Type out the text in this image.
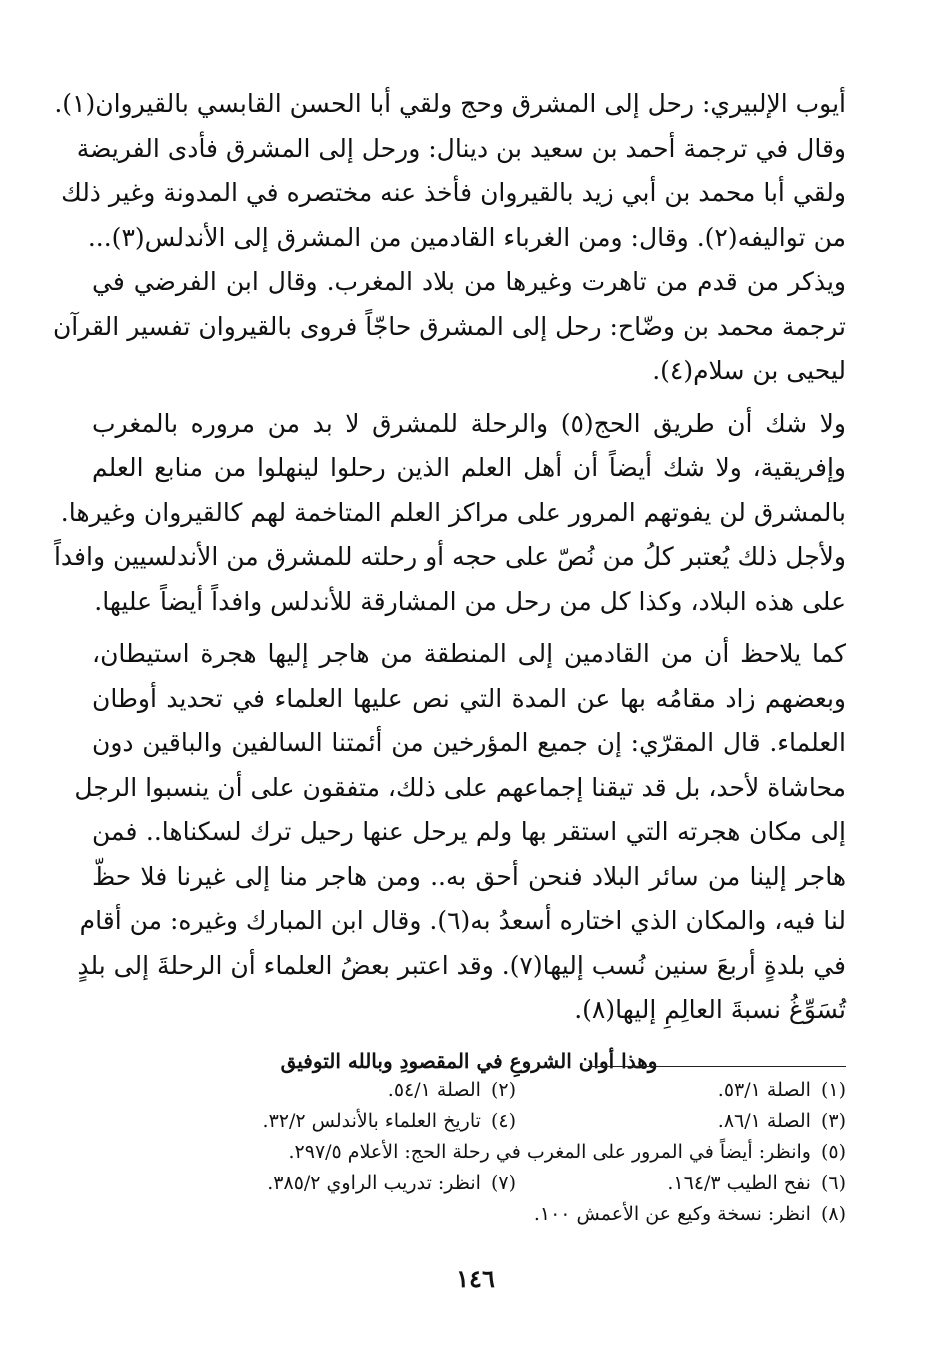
أيوب الإلبيري: رحل إلى المشرق وحج ولقي أبا الحسن القابسي بالقيروان(١).
وقال في ترجمة أحمد بن سعيد بن دينال: ورحل إلى المشرق فأدى الفريضة
ولقي أبا محمد بن أبي زيد بالقيروان فأخذ عنه مختصره في المدونة وغير ذلك
من تواليفه(٢). وقال: ومن الغرباء القادمين من المشرق إلى الأندلس(٣)...
ويذكر من قدم من تاهرت وغيرها من بلاد المغرب. وقال ابن الفرضي في
ترجمة محمد بن وضّاح: رحل إلى المشرق حاجّاً فروى بالقيروان تفسير القرآن
ليحيى بن سلام(٤).
ولا شك أن طريق الحج(٥) والرحلة للمشرق لا بد من مروره بالمغرب
وإفريقية، ولا شك أيضاً أن أهل العلم الذين رحلوا لينهلوا من منابع العلم
بالمشرق لن يفوتهم المرور على مراكز العلم المتاخمة لهم كالقيروان وغيرها.
ولأجل ذلك يُعتبر كلُ من نُصّ على حجه أو رحلته للمشرق من الأندلسيين وافداً
على هذه البلاد، وكذا كل من رحل من المشارقة للأندلس وافداً أيضاً عليها.
كما يلاحظ أن من القادمين إلى المنطقة من هاجر إليها هجرة استيطان،
وبعضهم زاد مقامُه بها عن المدة التي نص عليها العلماء في تحديد أوطان
العلماء. قال المقرّي: إن جميع المؤرخين من أئمتنا السالفين والباقين دون
محاشاة لأحد، بل قد تيقنا إجماعهم على ذلك، متفقون على أن ينسبوا الرجل
إلى مكان هجرته التي استقر بها ولم يرحل عنها رحيل ترك لسكناها.. فمن
هاجر إلينا من سائر البلاد فنحن أحق به.. ومن هاجر منا إلى غيرنا فلا حظّ
لنا فيه، والمكان الذي اختاره أسعدُ به(٦). وقال ابن المبارك وغيره: من أقام
في بلدةٍ أربعَ سنين نُسب إليها(٧). وقد اعتبر بعضُ العلماء أن الرحلةَ إلى بلدٍ
تُسَوِّغُ نسبةَ العالِمِ إليها(٨).
وهذا أوان الشروعِ في المقصودِ وبالله التوفيق
(١)الصلة ٥٣/١.
(٢)الصلة ٥٤/١.
(٣)الصلة ٨٦/١.
(٤)تاريخ العلماء بالأندلس ٣٢/٢.
(٥)وانظر: أيضاً في المرور على المغرب في رحلة الحج: الأعلام ٢٩٧/٥.
(٦)نفح الطيب ١٦٤/٣.
(٧)انظر: تدريب الراوي ٣٨٥/٢.
(٨)انظر: نسخة وكيع عن الأعمش ١٠٠.
١٤٦
